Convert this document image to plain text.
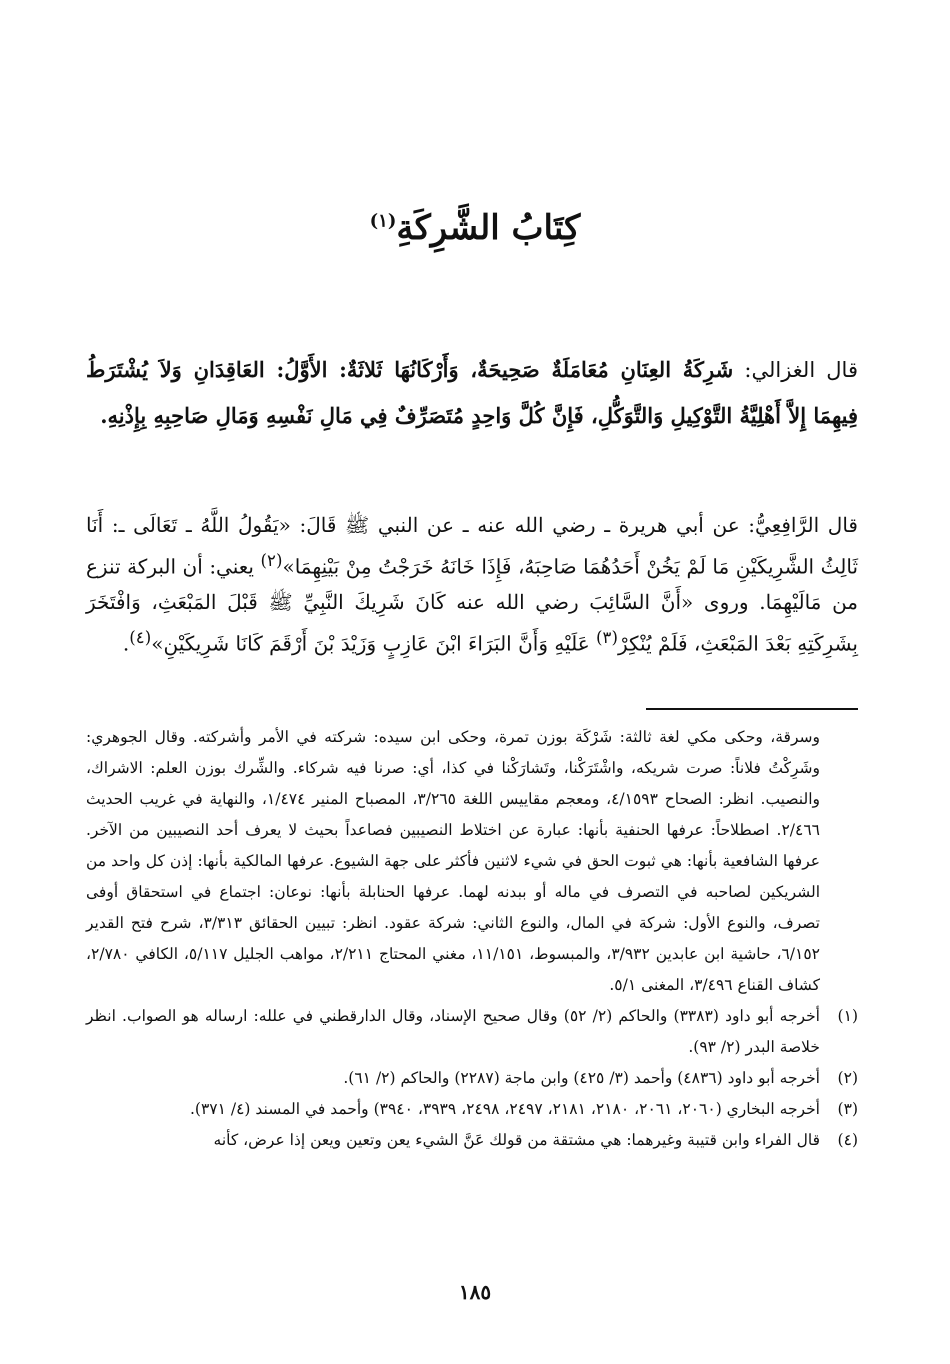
كِتَابُ الشَّرِكَةِ$^{(١)}$

قال الغزالي: شَرِكَةُ العِنَانِ مُعَامَلَةٌ صَحِيحَةٌ، وَأَرْكَانُهَا ثَلاثَةٌ: الأَوَّلُ: العَاقِدَانِ وَلاَ يُشْتَرَطُ فِيهِمَا إِلاَّ أَهْلِيَّةُ التَّوْكِيلِ وَالتَّوَكُّلِ، فَإِنَّ كُلَّ وَاحِدٍ مُتَصَرِّفٌ فِي مَالِ نَفْسِهِ وَمَالِ صَاحِبِهِ بِإِذْنِهِ.

قال الرَّافِعِيُّ: عن أبي هريرة ـ رضي الله عنه ـ عن النبي ﷺ قَالَ: «يَقُولُ اللَّهُ ـ تَعَالَى ـ: أَنَا ثَالِثُ الشَّرِيكَيْنِ مَا لَمْ يَخُنْ أَحَدُهُمَا صَاحِبَهُ، فَإِذَا خَانَهُ خَرَجْتُ مِنْ بَيْنِهِمَا»$^{(٢)}$ يعني: أن البركة تنزع من مَالَيْهِمَا. وروى «أَنَّ السَّائِبَ رضي الله عنه كَانَ شَرِيكَ النَّبِيِّ ﷺ قَبْلَ المَبْعَثِ، وَافْتَخَرَ بِشَرِكَتِهِ بَعْدَ المَبْعَثِ، فَلَمْ يُنْكِرْ$^{(٣)}$ عَلَيْهِ وَأَنَّ البَرَاءَ ابْنَ عَازِبٍ وَزَيْدَ بْنَ أَرْقَمَ كَانَا شَرِيكَيْنِ»$^{(٤)}$.

وسرقة، وحكى مكي لغة ثالثة: شَرْكَة بوزن تمرة، وحكى ابن سيده: شركته في الأمر وأشركته. وقال الجوهري: وشَرِكْتُ فلاناً: صرت شريكه، واشْتَرَكْنا، وتَشارَكْنا في كذا، أي: صرنا فيه شركاء. والشِّرك بوزن العلم: الاشراك، والنصيب. انظر: الصحاح ٤/١٥٩٣، ومعجم مقاييس اللغة ٣/٢٦٥، المصباح المنير ١/٤٧٤، والنهاية في غريب الحديث ٢/٤٦٦. اصطلاحاً: عرفها الحنفية بأنها: عبارة عن اختلاط النصيبين فصاعداً بحيث لا يعرف أحد النصيبين من الآخر. عرفها الشافعية بأنها: هي ثبوت الحق في شيء لاثنين فأكثر على جهة الشيوع. عرفها المالكية بأنها: إذن كل واحد من الشريكين لصاحبه في التصرف في ماله أو ببدنه لهما. عرفها الحنابلة بأنها: نوعان: اجتماع في استحقاق أوفى تصرف، والنوع الأول: شركة في المال، والنوع الثاني: شركة عقود. انظر: تبيين الحقائق ٣/٣١٣، شرح فتح القدير ٦/١٥٢، حاشية ابن عابدين ٣/٩٣٢، والمبسوط، ١١/١٥١، مغني المحتاج ٢/٢١١، مواهب الجليل ٥/١١٧، الكافي ٢/٧٨٠، كشاف القناع ٣/٤٩٦، المغنى ٥/١.
(١)
أخرجه أبو داود (٣٣٨٣) والحاكم (٢/ ٥٢) وقال صحيح الإسناد، وقال الدارقطني في علله: ارساله هو الصواب. انظر خلاصة البدر (٢/ ٩٣).
(٢)
أخرجه أبو داود (٤٨٣٦) وأحمد (٣/ ٤٢٥) وابن ماجة (٢٢٨٧) والحاكم (٢/ ٦١).
(٣)
أخرجه البخاري (٢٠٦٠، ٢٠٦١، ٢١٨٠، ٢١٨١، ٢٤٩٧، ٢٤٩٨، ٣٩٣٩، ٣٩٤٠) وأحمد في المسند (٤/ ٣٧١).
(٤)
قال الفراء وابن قتيبة وغيرهما: هي مشتقة من قولك عَنَّ الشيء يعن وتعين ويعن إذا عرض، كأنه
١٨٥
